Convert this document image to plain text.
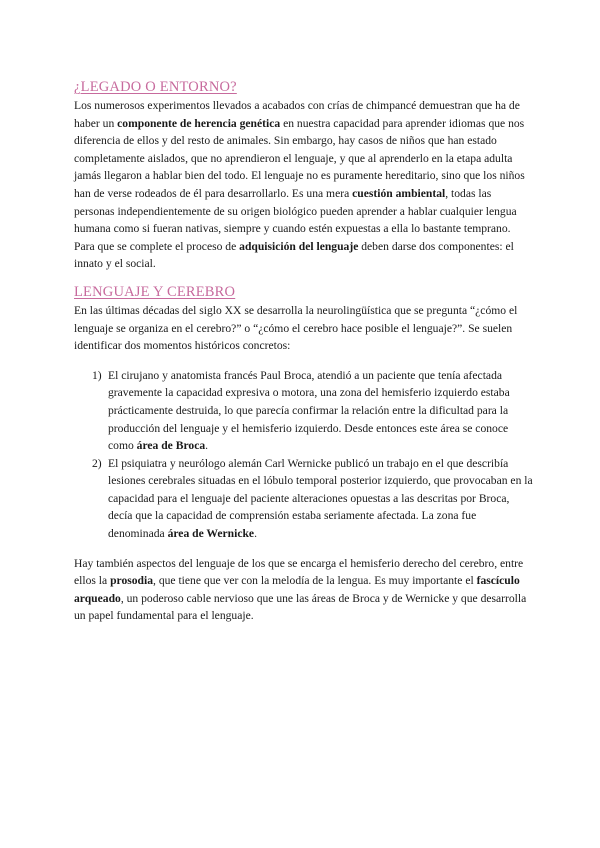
¿LEGADO O ENTORNO?

Los numerosos experimentos llevados a acabados con crías de chimpancé demuestran que ha de haber un componente de herencia genética en nuestra capacidad para aprender idiomas que nos diferencia de ellos y del resto de animales. Sin embargo, hay casos de niños que han estado completamente aislados, que no aprendieron el lenguaje, y que al aprenderlo en la etapa adulta jamás llegaron a hablar bien del todo. El lenguaje no es puramente hereditario, sino que los niños han de verse rodeados de él para desarrollarlo. Es una mera cuestión ambiental, todas las personas independientemente de su origen biológico pueden aprender a hablar cualquier lengua humana como si fueran nativas, siempre y cuando estén expuestas a ella lo bastante temprano. Para que se complete el proceso de adquisición del lenguaje deben darse dos componentes: el innato y el social.

LENGUAJE Y CEREBRO

En las últimas décadas del siglo XX se desarrolla la neurolingüística que se pregunta “¿cómo el lenguaje se organiza en el cerebro?” o “¿cómo el cerebro hace posible el lenguaje?”. Se suelen identificar dos momentos históricos concretos:

1) El cirujano y anatomista francés Paul Broca, atendió a un paciente que tenía afectada gravemente la capacidad expresiva o motora, una zona del hemisferio izquierdo estaba prácticamente destruida, lo que parecía confirmar la relación entre la dificultad para la producción del lenguaje y el hemisferio izquierdo. Desde entonces este área se conoce como área de Broca.
2) El psiquiatra y neurólogo alemán Carl Wernicke publicó un trabajo en el que describía lesiones cerebrales situadas en el lóbulo temporal posterior izquierdo, que provocaban en la capacidad para el lenguaje del paciente alteraciones opuestas a las descritas por Broca, decía que la capacidad de comprensión estaba seriamente afectada. La zona fue denominada área de Wernicke.

Hay también aspectos del lenguaje de los que se encarga el hemisferio derecho del cerebro, entre ellos la prosodia, que tiene que ver con la melodía de la lengua. Es muy importante el fascículo arqueado, un poderoso cable nervioso que une las áreas de Broca y de Wernicke y que desarrolla un papel fundamental para el lenguaje.
